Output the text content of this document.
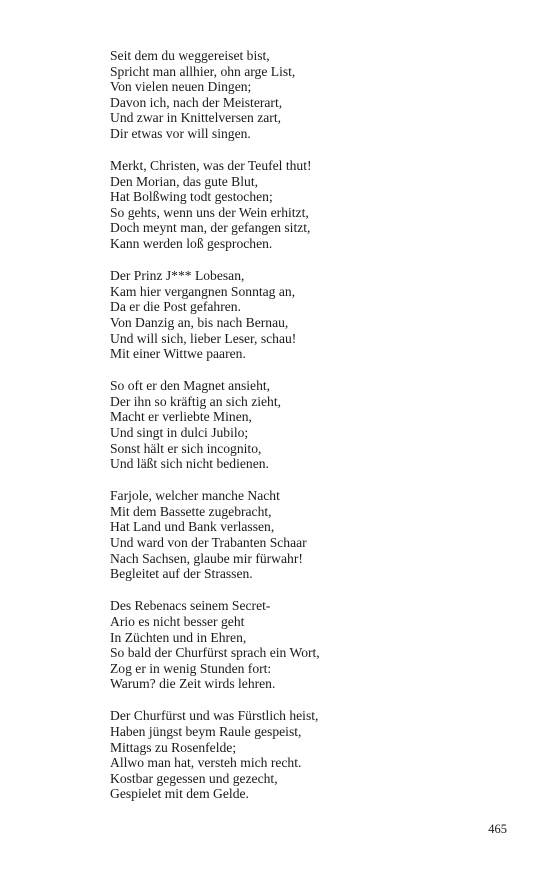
Seit dem du weggereiset bist,
Spricht man allhier, ohn arge List,
Von vielen neuen Dingen;
Davon ich, nach der Meisterart,
Und zwar in Knittelversen zart,
Dir etwas vor will singen.
Merkt, Christen, was der Teufel thut!
Den Morian, das gute Blut,
Hat Bolßwing todt gestochen;
So gehts, wenn uns der Wein erhitzt,
Doch meynt man, der gefangen sitzt,
Kann werden loß gesprochen.
Der Prinz J*** Lobesan,
Kam hier vergangnen Sonntag an,
Da er die Post gefahren.
Von Danzig an, bis nach Bernau,
Und will sich, lieber Leser, schau!
Mit einer Wittwe paaren.
So oft er den Magnet ansieht,
Der ihn so kräftig an sich zieht,
Macht er verliebte Minen,
Und singt in dulci Jubilo;
Sonst hält er sich incognito,
Und läßt sich nicht bedienen.
Farjole, welcher manche Nacht
Mit dem Bassette zugebracht,
Hat Land und Bank verlassen,
Und ward von der Trabanten Schaar
Nach Sachsen, glaube mir fürwahr!
Begleitet auf der Strassen.
Des Rebenacs seinem Secret-
Ario es nicht besser geht
In Züchten und in Ehren,
So bald der Churfürst sprach ein Wort,
Zog er in wenig Stunden fort:
Warum? die Zeit wirds lehren.
Der Churfürst und was Fürstlich heist,
Haben jüngst beym Raule gespeist,
Mittags zu Rosenfelde;
Allwo man hat, versteh mich recht.
Kostbar gegessen und gezecht,
Gespielet mit dem Gelde.
465
